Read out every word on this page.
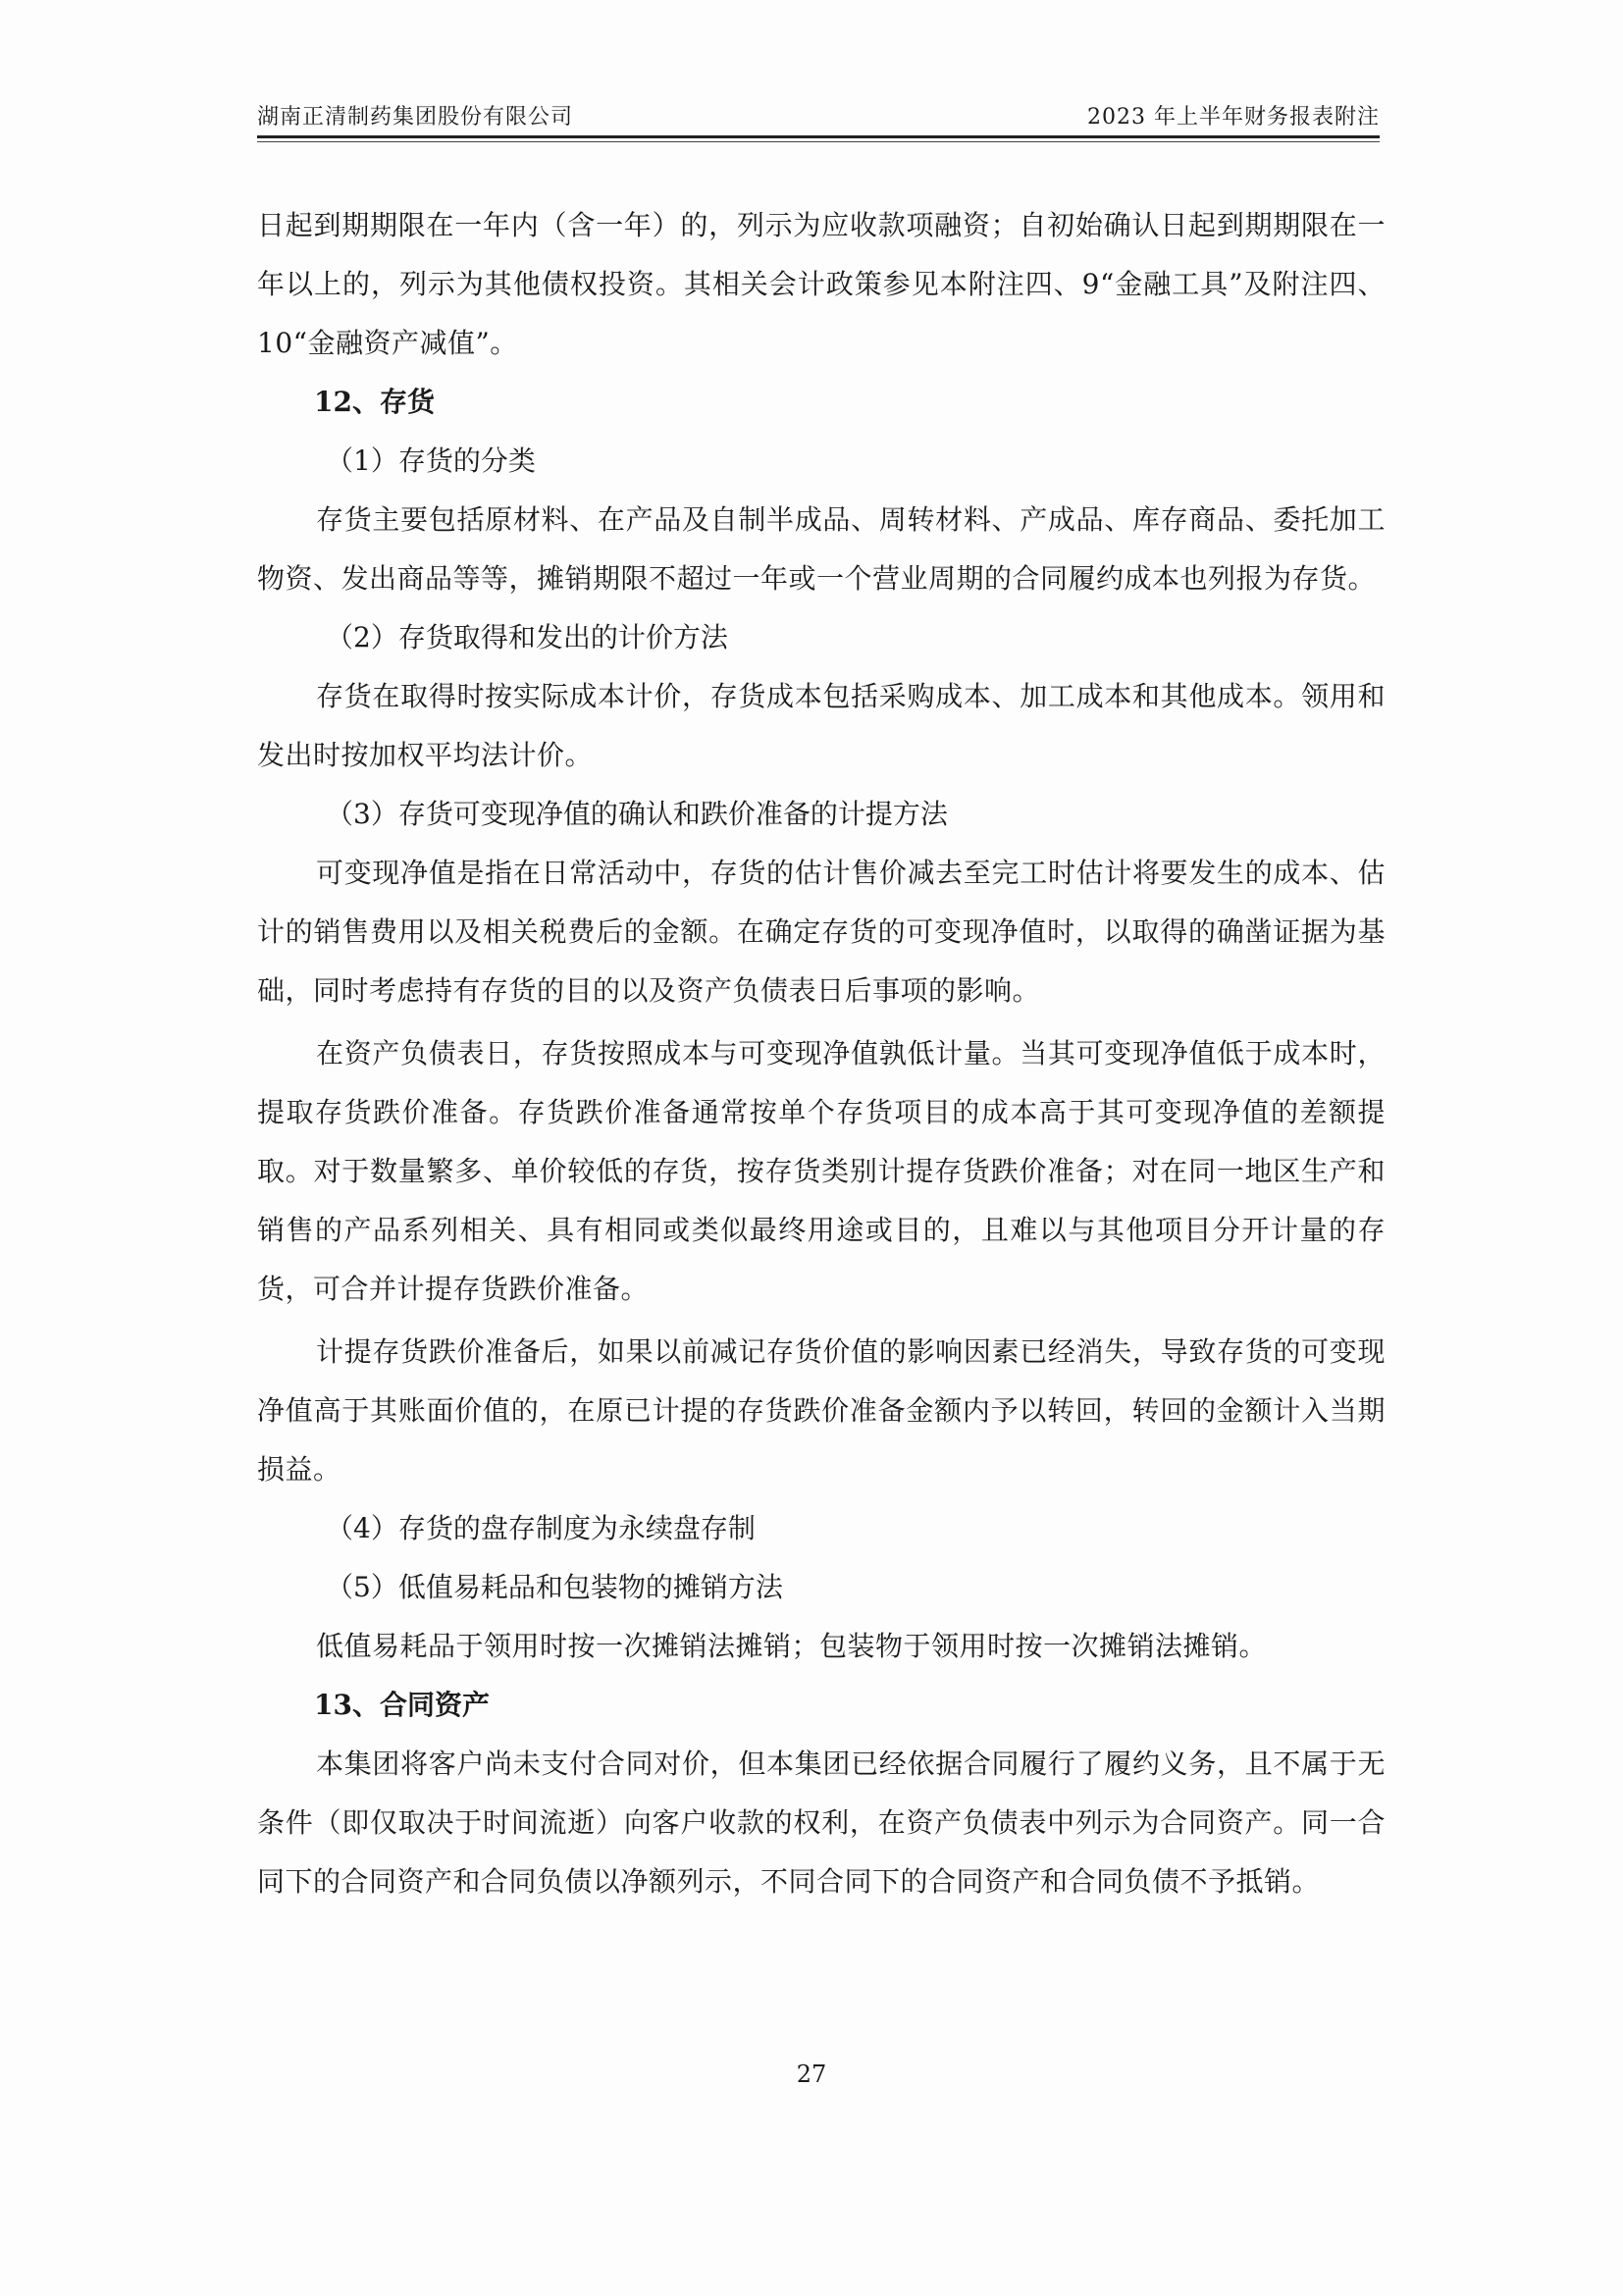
湖南正清制药集团股份有限公司	2023 年上半年财务报表附注

日起到期期限在一年内（含一年）的，列示为应收款项融资；自初始确认日起到期期限在一年以上的，列示为其他债权投资。其相关会计政策参见本附注四、9“金融工具”及附注四、10“金融资产减值”。

12、存货

（1）存货的分类

存货主要包括原材料、在产品及自制半成品、周转材料、产成品、库存商品、委托加工物资、发出商品等等，摊销期限不超过一年或一个营业周期的合同履约成本也列报为存货。

（2）存货取得和发出的计价方法

存货在取得时按实际成本计价，存货成本包括采购成本、加工成本和其他成本。领用和发出时按加权平均法计价。

（3）存货可变现净值的确认和跌价准备的计提方法

可变现净值是指在日常活动中，存货的估计售价减去至完工时估计将要发生的成本、估计的销售费用以及相关税费后的金额。在确定存货的可变现净值时，以取得的确凿证据为基础，同时考虑持有存货的目的以及资产负债表日后事项的影响。

在资产负债表日，存货按照成本与可变现净值孰低计量。当其可变现净值低于成本时，提取存货跌价准备。存货跌价准备通常按单个存货项目的成本高于其可变现净值的差额提取。对于数量繁多、单价较低的存货，按存货类别计提存货跌价准备；对在同一地区生产和销售的产品系列相关、具有相同或类似最终用途或目的，且难以与其他项目分开计量的存货，可合并计提存货跌价准备。

计提存货跌价准备后，如果以前减记存货价值的影响因素已经消失，导致存货的可变现净值高于其账面价值的，在原已计提的存货跌价准备金额内予以转回，转回的金额计入当期损益。

（4）存货的盘存制度为永续盘存制

（5）低值易耗品和包装物的摊销方法

低值易耗品于领用时按一次摊销法摊销；包装物于领用时按一次摊销法摊销。

13、合同资产

本集团将客户尚未支付合同对价，但本集团已经依据合同履行了履约义务，且不属于无条件（即仅取决于时间流逝）向客户收款的权利，在资产负债表中列示为合同资产。同一合同下的合同资产和合同负债以净额列示，不同合同下的合同资产和合同负债不予抵销。

27
